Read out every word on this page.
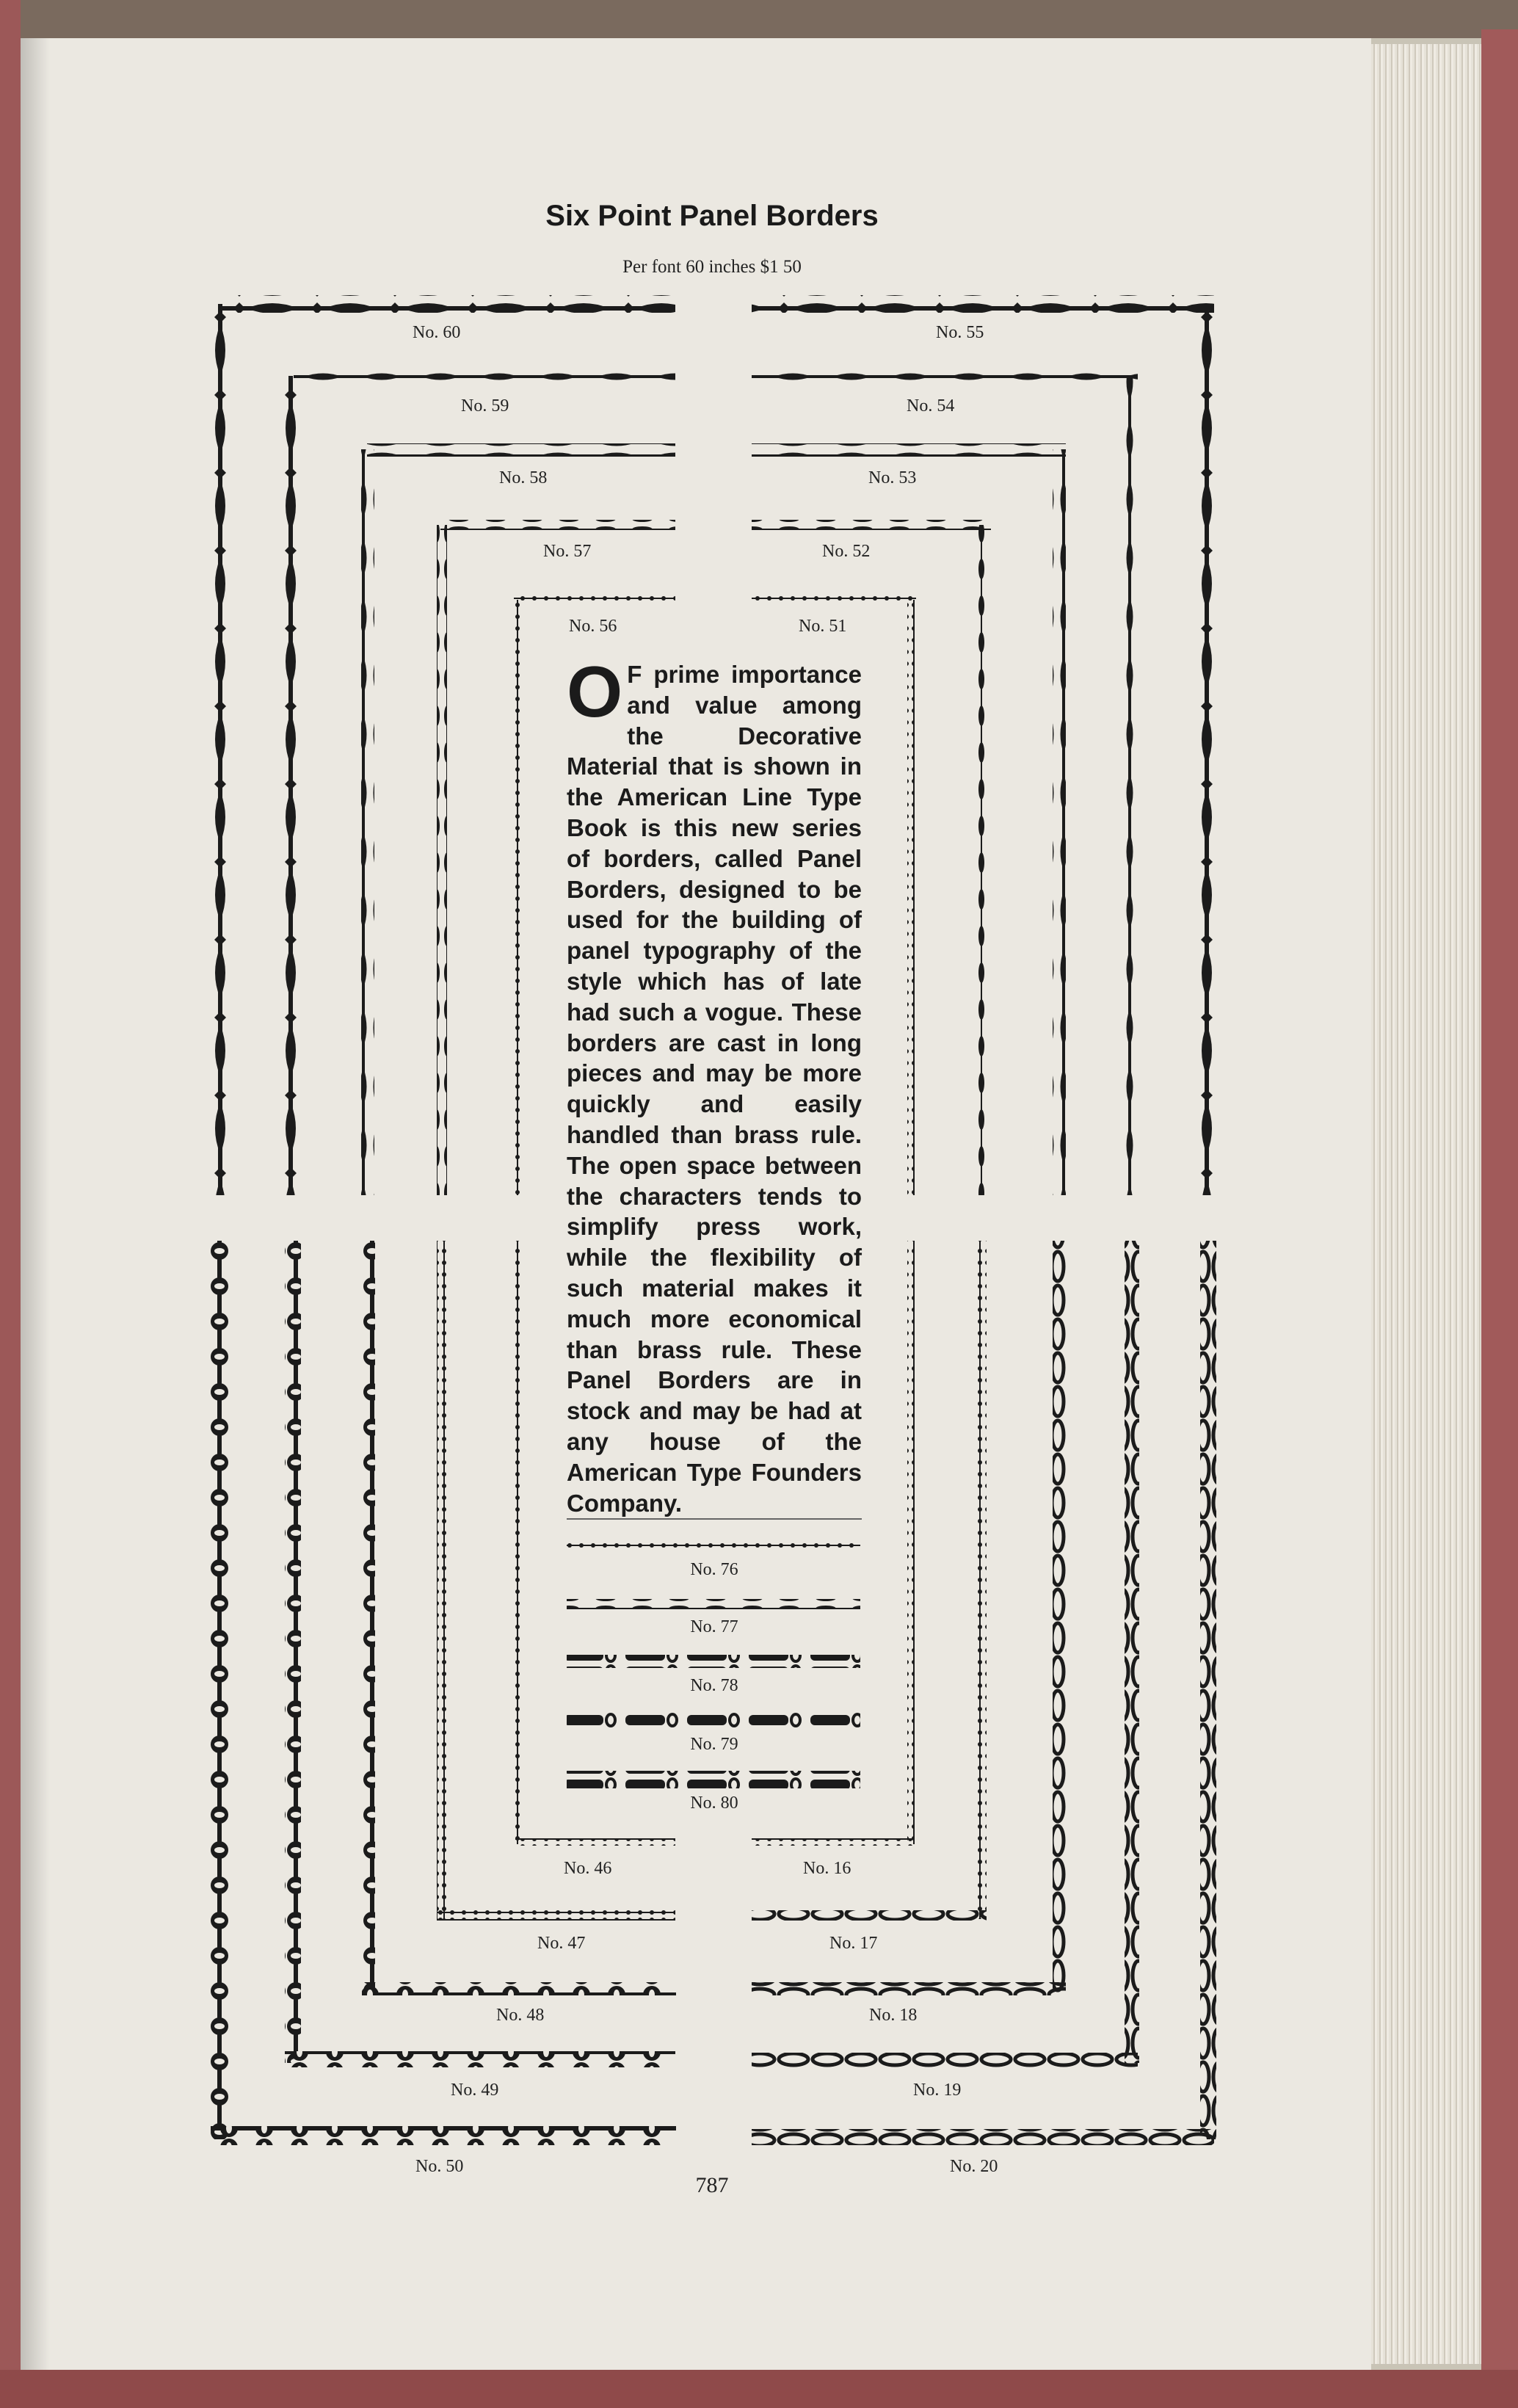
Six Point Panel Borders
Per font 60 inches $1 50
No. 60
No. 59
No. 58
No. 57
No. 56
No. 55
No. 54
No. 53
No. 52
No. 51
O F prime importance and value among the Decorative Material that is shown in the American Line Type Book is this new series of borders, called Panel Borders, designed to be used for the building of panel typography of the style which has of late had such a vogue. These borders are cast in long pieces and may be more quickly and easily handled than brass rule. The open space between the characters tends to simplify press work, while the flexibility of such material makes it much more economical than brass rule. These Panel Borders are in stock and may be had at any house of the American Type Founders Company.
No. 76
No. 77
No. 78
No. 79
No. 80
No. 46
No. 47
No. 48
No. 49
No. 50
No. 16
No. 17
No. 18
No. 19
No. 20
787
